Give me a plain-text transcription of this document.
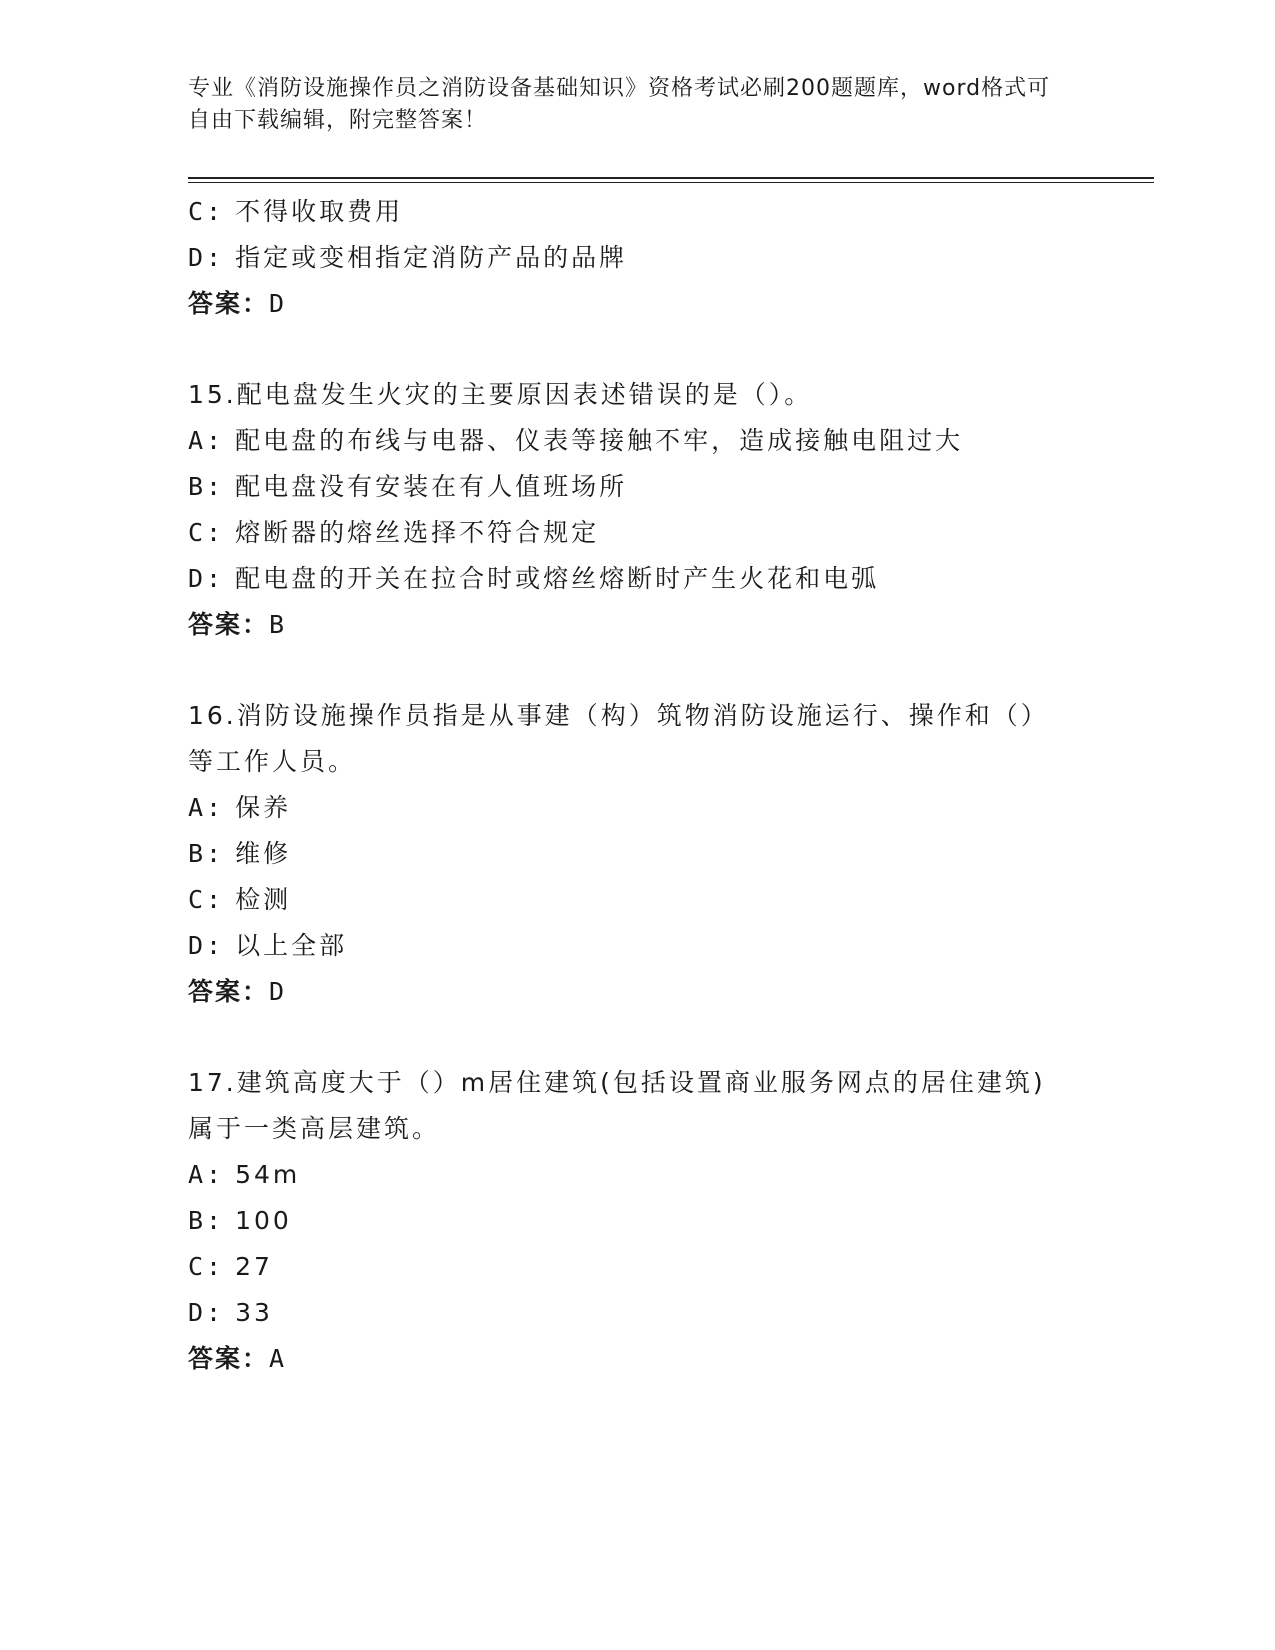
专业《消防设施操作员之消防设备基础知识》资格考试必刷200题题库，word格式可自由下载编辑，附完整答案！
C: 不得收取费用
D: 指定或变相指定消防产品的品牌
答案：D
15.配电盘发生火灾的主要原因表述错误的是（）。
A: 配电盘的布线与电器、仪表等接触不牢，造成接触电阻过大
B: 配电盘没有安装在有人值班场所
C: 熔断器的熔丝选择不符合规定
D: 配电盘的开关在拉合时或熔丝熔断时产生火花和电弧
答案：B
16.消防设施操作员指是从事建（构）筑物消防设施运行、操作和（）等工作人员。
A: 保养
B: 维修
C: 检测
D: 以上全部
答案：D
17.建筑高度大于（）m居住建筑(包括设置商业服务网点的居住建筑)属于一类高层建筑。
A: 54m
B: 100
C: 27
D: 33
答案：A
